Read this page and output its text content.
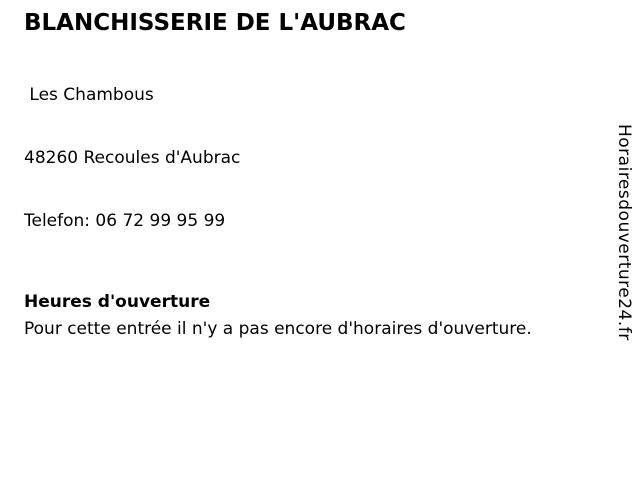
BLANCHISSERIE DE L'AUBRAC

Les Chambous

48260 Recoules d'Aubrac

Telefon: 06 72 99 95 99

Heures d'ouverture

Pour cette entrée il n'y a pas encore d'horaires d'ouverture.	Horairesdouverture24.fr
